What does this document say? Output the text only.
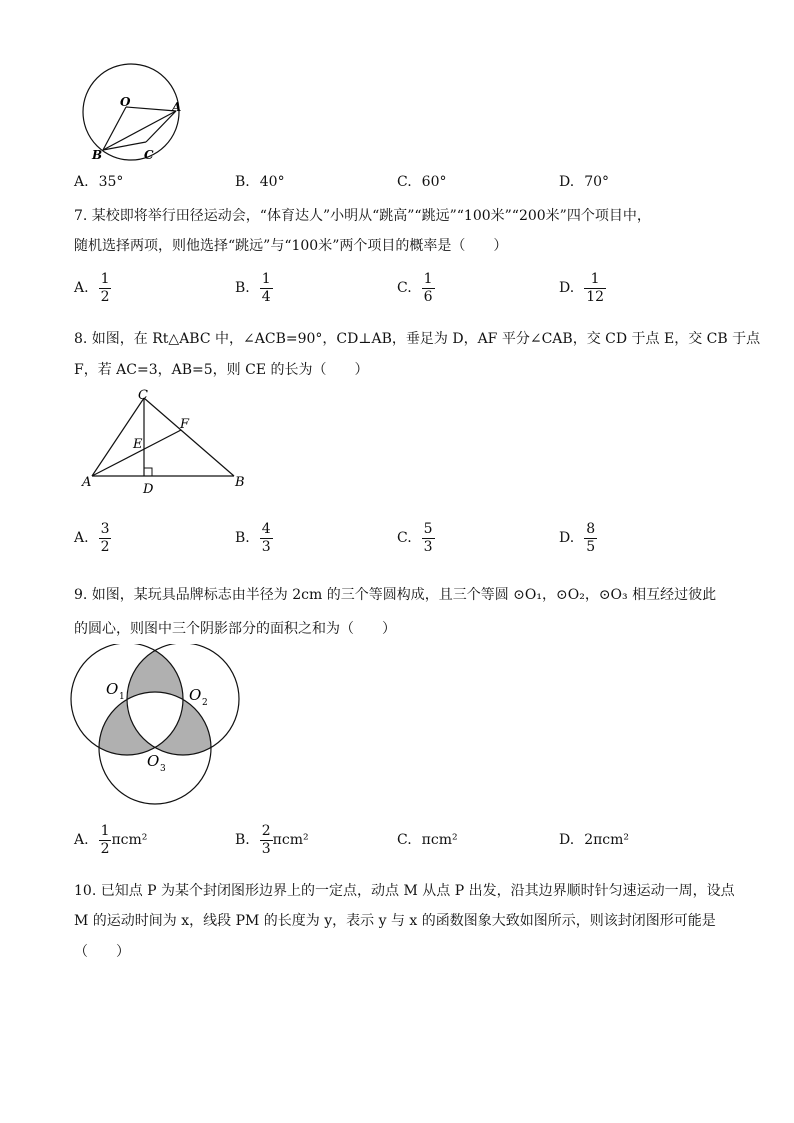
O	A
B	C
A. 35°	B. 40°	C. 60°	D. 70°
7. 某校即将举行田径运动会，“体育达人”小明从“跳高”“跳远”“100米”“200米”四个项目中，
随机选择两项，则他选择“跳远”与“100米”两个项目的概率是（　　）
A. $\frac{1}{2}$	B. $\frac{1}{4}$	C. $\frac{1}{6}$	D. $\frac{1}{12}$
8. 如图，在 Rt△ABC 中，∠ACB=90°，CD⊥AB，垂足为 D，AF 平分∠CAB，交 CD 于点 E，交 CB 于点
F，若 AC=3，AB=5，则 CE 的长为（　　）
C
F
E
A	D	B
A. $\frac{3}{2}$	B. $\frac{4}{3}$	C. $\frac{5}{3}$	D. $\frac{8}{5}$
9. 如图，某玩具品牌标志由半径为 2cm 的三个等圆构成，且三个等圆 ⊙O₁，⊙O₂，⊙O₃ 相互经过彼此
的圆心，则图中三个阴影部分的面积之和为（　　）
O 1	O 2
O 3
A. $\frac{1}{2} \pi cm^2$	B. $\frac{2}{3} \pi cm^2$	C. πcm²	D. 2πcm²
10. 已知点 P 为某个封闭图形边界上的一定点，动点 M 从点 P 出发，沿其边界顺时针匀速运动一周，设点
M 的运动时间为 x，线段 PM 的长度为 y，表示 y 与 x 的函数图象大致如图所示，则该封闭图形可能是
（　　）
